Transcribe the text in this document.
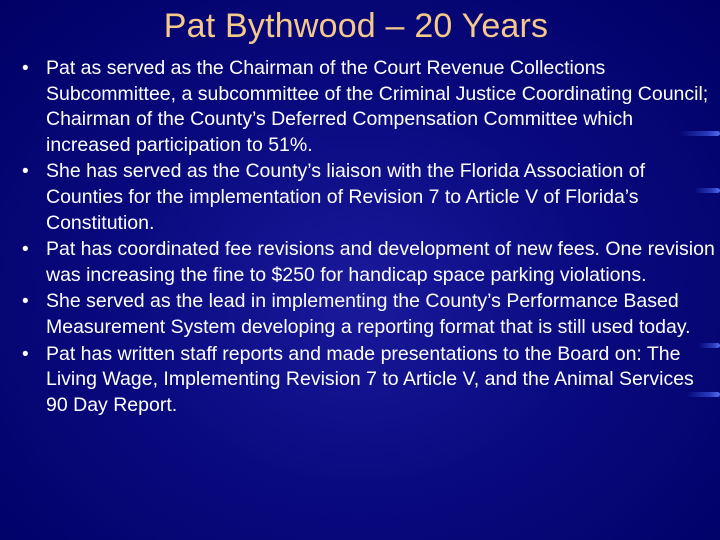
Pat Bythwood – 20 Years
• Pat as served as the Chairman of the Court Revenue Collections Subcommittee, a subcommittee of the Criminal Justice Coordinating Council; Chairman of the County’s Deferred Compensation Committee which increased participation to 51%.
• She has served as the County’s liaison with the Florida Association of Counties for the implementation of Revision 7 to Article V of Florida’s Constitution.
• Pat has coordinated fee revisions and development of new fees. One revision was increasing the fine to $250 for handicap space parking violations.
• She served as the lead in implementing the County’s Performance Based Measurement System developing a reporting format that is still used today.
• Pat has written staff reports and made presentations to the Board on: The Living Wage, Implementing Revision 7 to Article V, and the Animal Services 90 Day Report.
